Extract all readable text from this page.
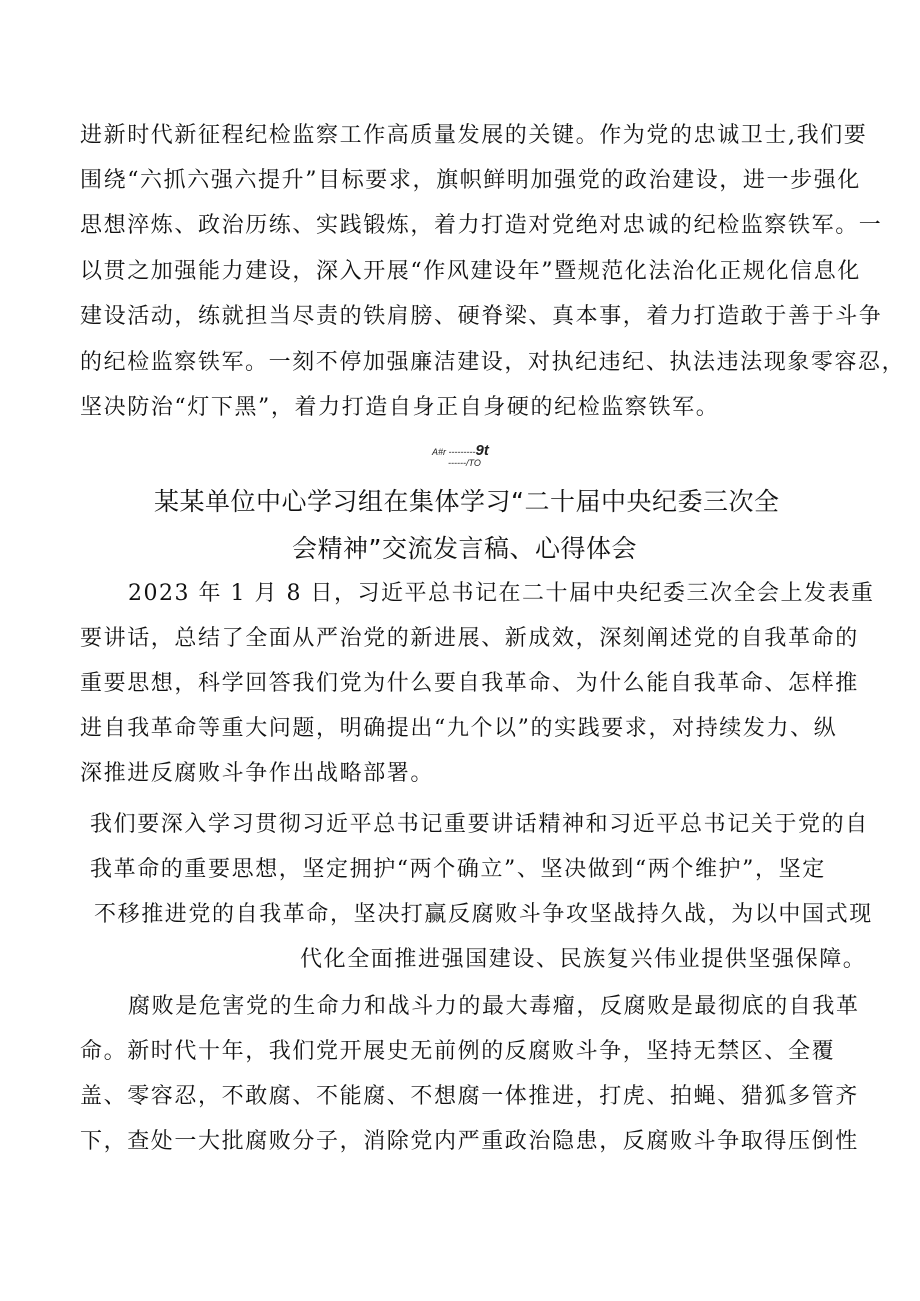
进新时代新征程纪检监察工作高质量发展的关键。作为党的忠诚卫士,我们要
围绕“六抓六强六提升”目标要求，旗帜鲜明加强党的政治建设，进一步强化
思想淬炼、政治历练、实践锻炼，着力打造对党绝对忠诚的纪检监察铁军。一
以贯之加强能力建设，深入开展“作风建设年”暨规范化法治化正规化信息化
建设活动，练就担当尽责的铁肩膀、硬脊梁、真本事，着力打造敢于善于斗争
的纪检监察铁军。一刻不停加强廉洁建设，对执纪违纪、执法违法现象零容忍，
坚决防治“灯下黑”，着力打造自身正自身硬的纪检监察铁军。
A#r ---------9t
------/TO
某某单位中心学习组在集体学习“二十届中央纪委三次全
会精神”交流发言稿、心得体会
2023 年 1 月 8 日，习近平总书记在二十届中央纪委三次全会上发表重
要讲话，总结了全面从严治党的新进展、新成效，深刻阐述党的自我革命的
重要思想，科学回答我们党为什么要自我革命、为什么能自我革命、怎样推
进自我革命等重大问题，明确提出“九个以”的实践要求，对持续发力、纵
深推进反腐败斗争作出战略部署。
我们要深入学习贯彻习近平总书记重要讲话精神和习近平总书记关于党的自
我革命的重要思想，坚定拥护“两个确立”、坚决做到“两个维护”，坚定
不移推进党的自我革命，坚决打赢反腐败斗争攻坚战持久战，为以中国式现
代化全面推进强国建设、民族复兴伟业提供坚强保障。
腐败是危害党的生命力和战斗力的最大毒瘤，反腐败是最彻底的自我革
命。新时代十年，我们党开展史无前例的反腐败斗争，坚持无禁区、全覆
盖、零容忍，不敢腐、不能腐、不想腐一体推进，打虎、拍蝇、猎狐多管齐
下，查处一大批腐败分子，消除党内严重政治隐患，反腐败斗争取得压倒性
